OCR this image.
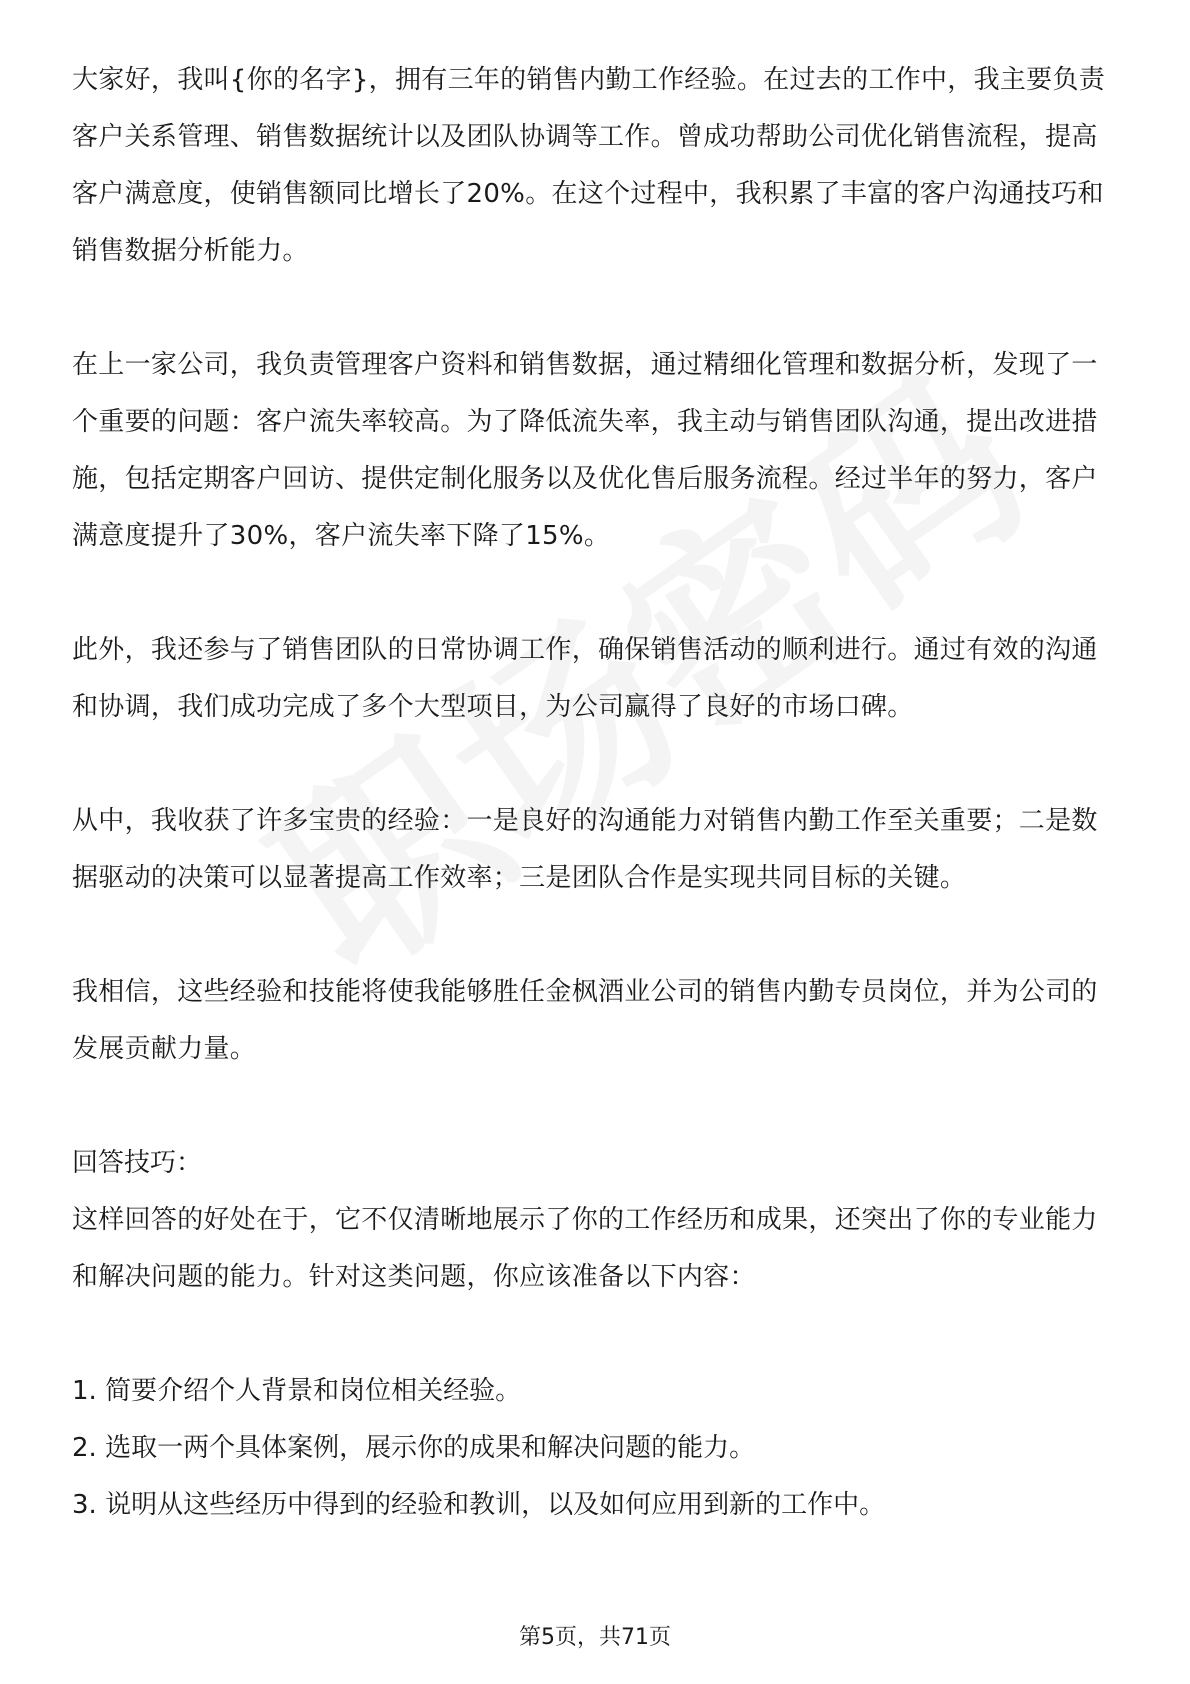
大家好，我叫{你的名字}，拥有三年的销售内勤工作经验。在过去的工作中，我主要负责客户关系管理、销售数据统计以及团队协调等工作。曾成功帮助公司优化销售流程，提高客户满意度，使销售额同比增长了20%。在这个过程中，我积累了丰富的客户沟通技巧和销售数据分析能力。

在上一家公司，我负责管理客户资料和销售数据，通过精细化管理和数据分析，发现了一个重要的问题：客户流失率较高。为了降低流失率，我主动与销售团队沟通，提出改进措施，包括定期客户回访、提供定制化服务以及优化售后服务流程。经过半年的努力，客户满意度提升了30%，客户流失率下降了15%。

此外，我还参与了销售团队的日常协调工作，确保销售活动的顺利进行。通过有效的沟通和协调，我们成功完成了多个大型项目，为公司赢得了良好的市场口碑。

从中，我收获了许多宝贵的经验：一是良好的沟通能力对销售内勤工作至关重要；二是数据驱动的决策可以显著提高工作效率；三是团队合作是实现共同目标的关键。

我相信，这些经验和技能将使我能够胜任金枫酒业公司的销售内勤专员岗位，并为公司的发展贡献力量。

回答技巧：

这样回答的好处在于，它不仅清晰地展示了你的工作经历和成果，还突出了你的专业能力和解决问题的能力。针对这类问题，你应该准备以下内容：

1. 简要介绍个人背景和岗位相关经验。
2. 选取一两个具体案例，展示你的成果和解决问题的能力。
3. 说明从这些经历中得到的经验和教训，以及如何应用到新的工作中。
第5页，共71页
